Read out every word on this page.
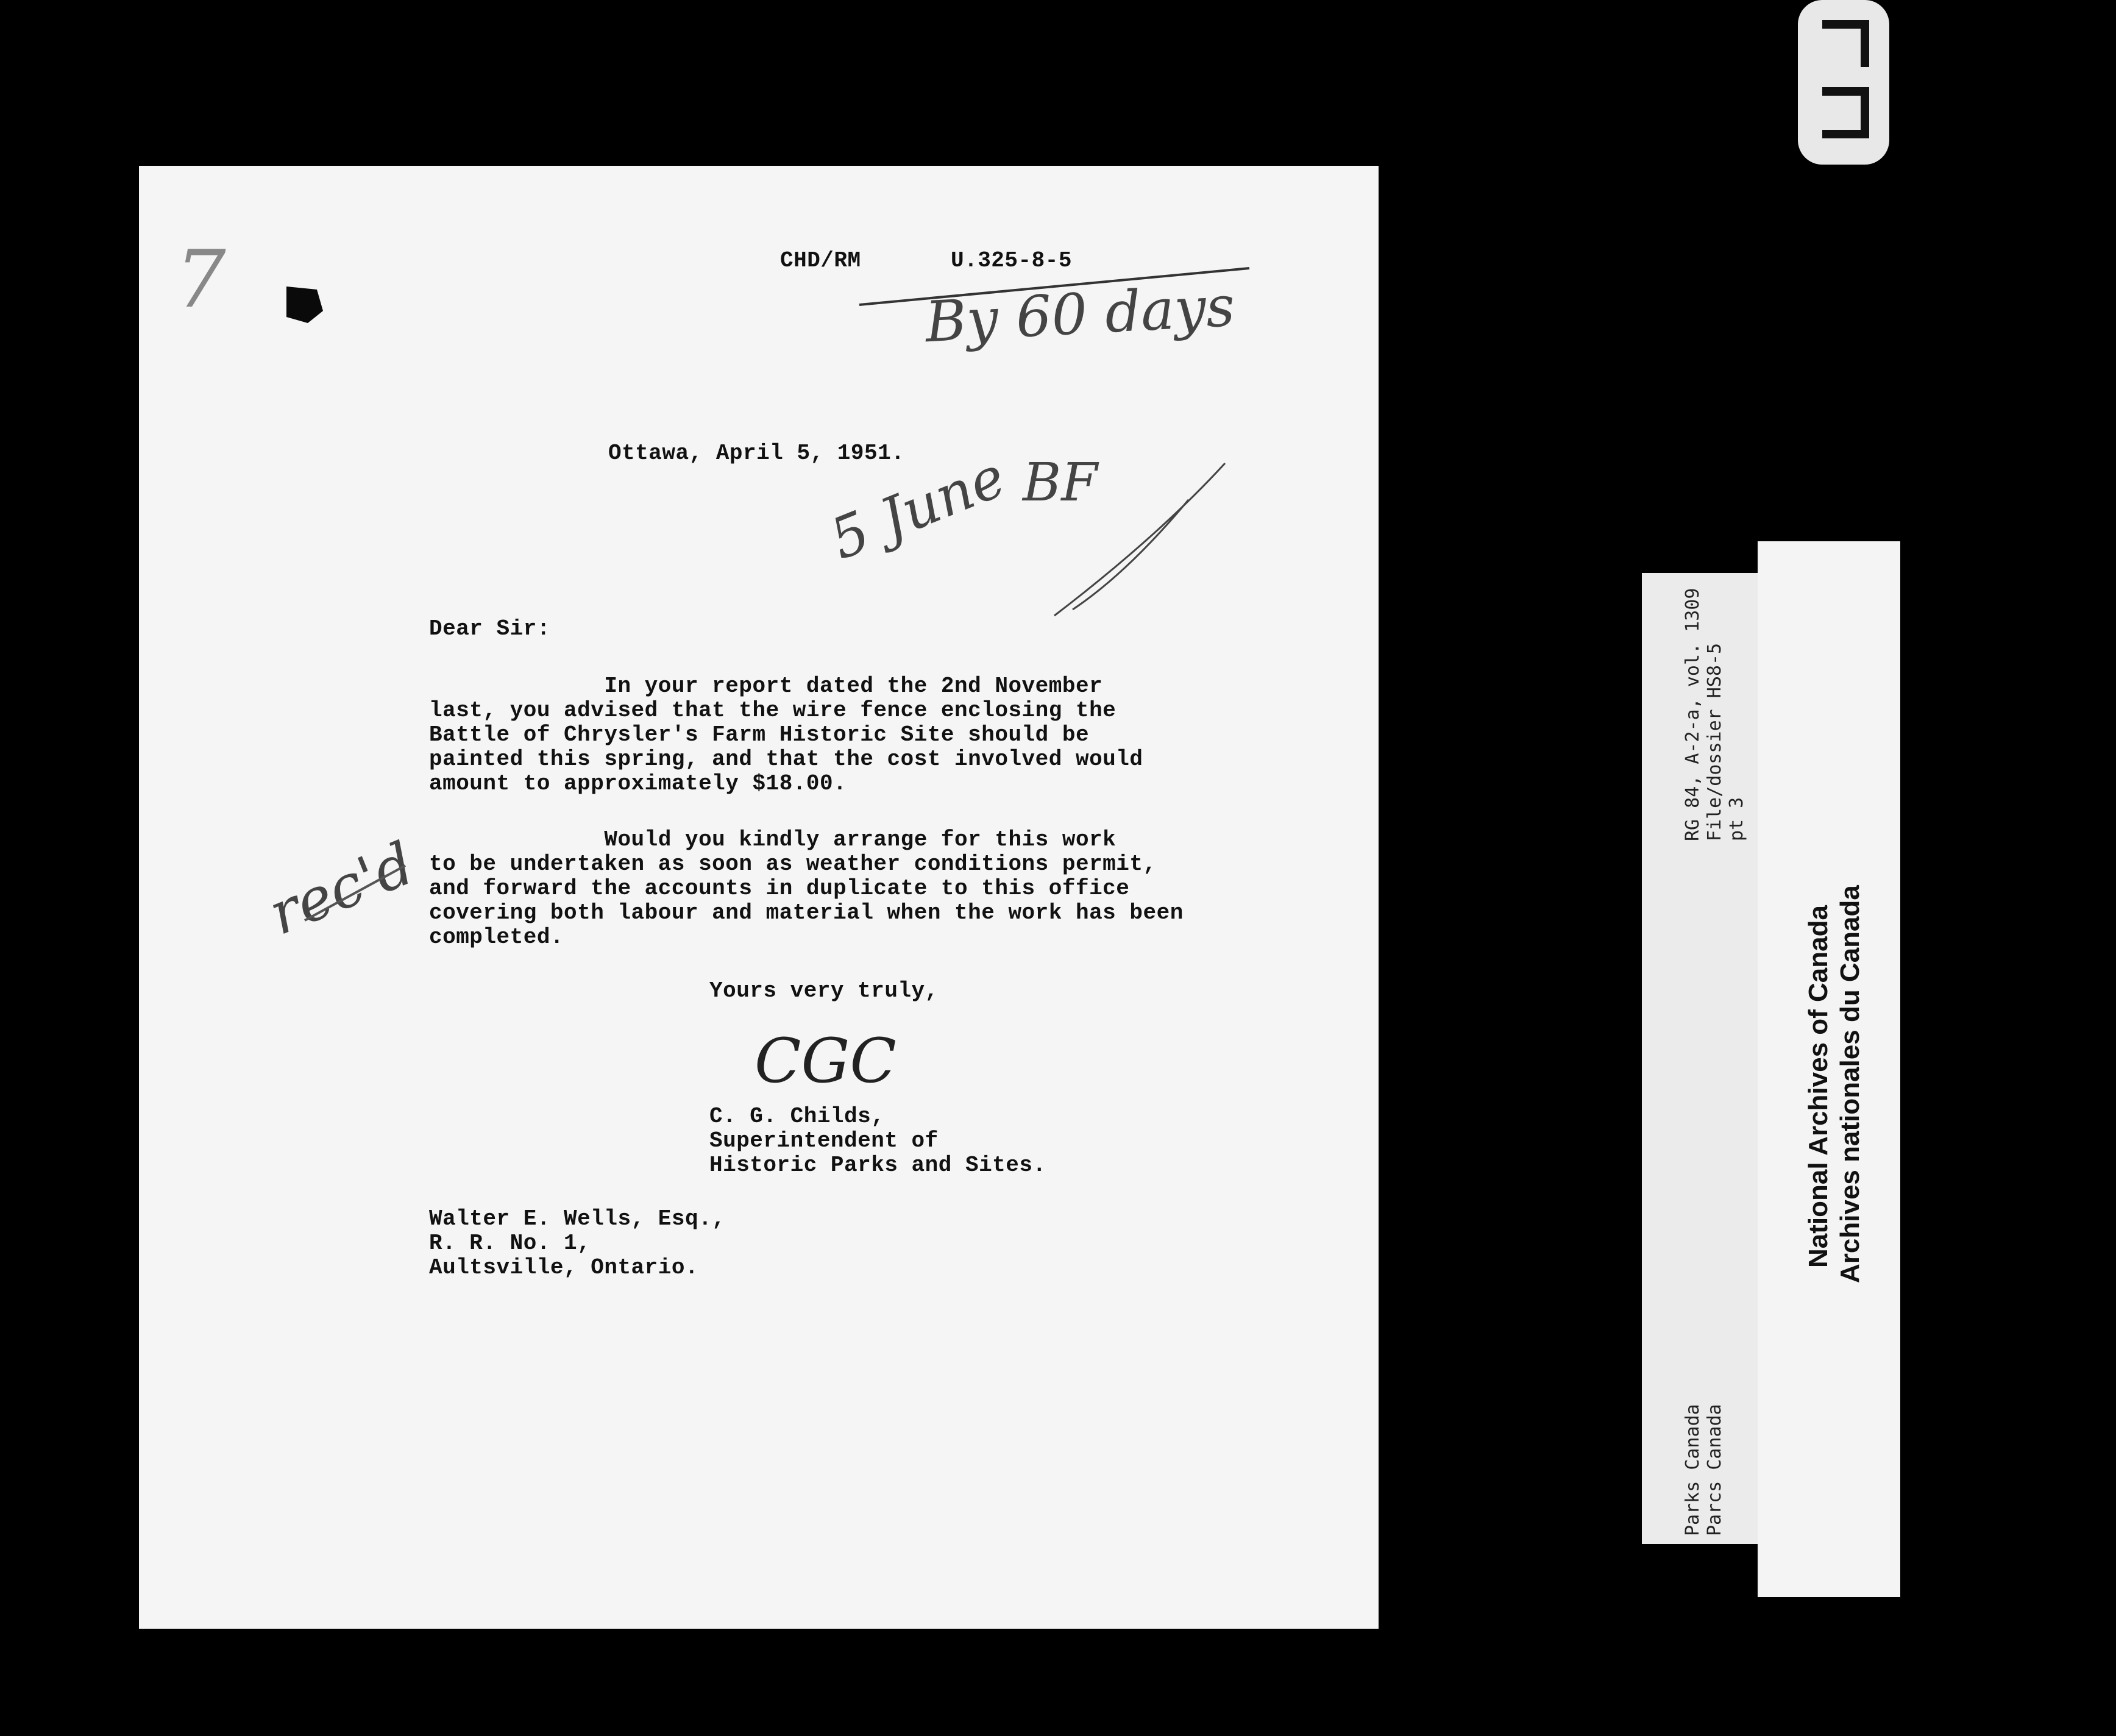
CHD/RM	U.325-8-5
Ottawa, April 5, 1951.
Dear Sir:
In your report dated the 2nd November
last, you advised that the wire fence enclosing the
Battle of Chrysler's Farm Historic Site should be
painted this spring, and that the cost involved would
amount to approximately $18.00.
Would you kindly arrange for this work
to be undertaken as soon as weather conditions permit,
and forward the accounts in duplicate to this office
covering both labour and material when the work has been
completed.
Yours very truly,
C. G. Childs,
Superintendent of
Historic Parks and Sites.
Walter E. Wells, Esq.,
R. R. No. 1,
Aultsville, Ontario.
7	By 60 days
5 June BF
rec'd
CGC
RG 84, A-2-a, vol. 1309 File/dossier HS8-5 pt 3
Parks Canada Parcs Canada
National Archives of Canada Archives nationales du Canada
